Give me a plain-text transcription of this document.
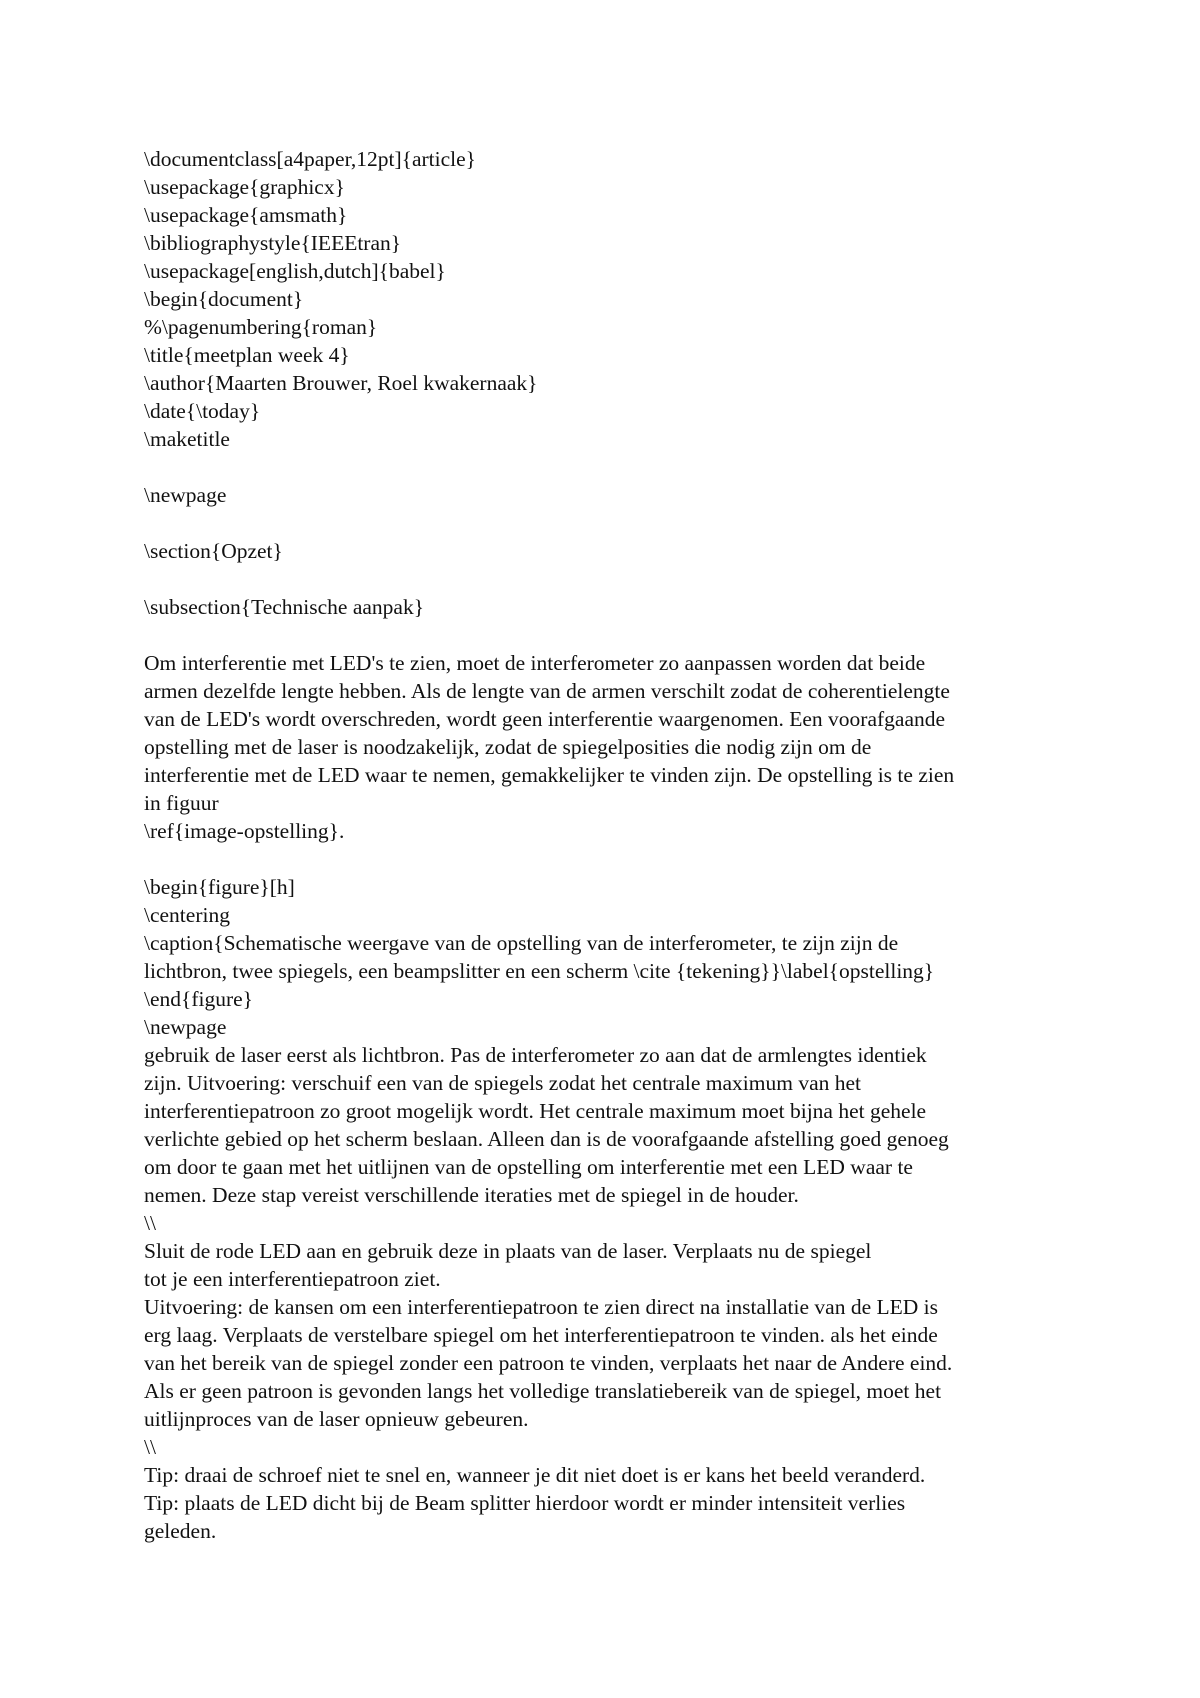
\documentclass[a4paper,12pt]{article}
\usepackage{graphicx}
\usepackage{amsmath}
\bibliographystyle{IEEEtran}
\usepackage[english,dutch]{babel}
\begin{document}
%\pagenumbering{roman}
\title{meetplan week 4}
\author{Maarten Brouwer, Roel kwakernaak}
\date{\today}
\maketitle
\newpage
\section{Opzet}
\subsection{Technische aanpak}
Om interferentie met LED's te zien, moet de interferometer zo aanpassen worden dat beide
armen dezelfde lengte hebben. Als de lengte van de armen verschilt zodat de coherentielengte
van de LED's wordt overschreden, wordt geen interferentie waargenomen. Een voorafgaande
opstelling met de laser is noodzakelijk, zodat de spiegelposities die nodig zijn om de
interferentie met de LED waar te nemen, gemakkelijker te vinden zijn. De opstelling is te zien
in figuur
\ref{image-opstelling}.
\begin{figure}[h]
\centering
\caption{Schematische weergave van de opstelling van de interferometer, te zijn zijn de
lichtbron, twee spiegels, een beampslitter en een scherm \cite {tekening}}\label{opstelling}
\end{figure}
\newpage
gebruik de laser eerst als lichtbron. Pas de interferometer zo aan dat de armlengtes identiek
zijn. Uitvoering: verschuif een van de spiegels zodat het centrale maximum van het
interferentiepatroon zo groot mogelijk wordt. Het centrale maximum moet bijna het gehele
verlichte gebied op het scherm beslaan. Alleen dan is de voorafgaande afstelling goed genoeg
om door te gaan met het uitlijnen van de opstelling om interferentie met een LED waar te
nemen. Deze stap vereist verschillende iteraties met de spiegel in de houder.
\\
Sluit de rode LED aan en gebruik deze in plaats van de laser. Verplaats nu de spiegel
tot je een interferentiepatroon ziet.
Uitvoering: de kansen om een interferentiepatroon te zien direct na installatie van de LED is
erg laag. Verplaats de verstelbare spiegel om het interferentiepatroon te vinden. als het einde
van het bereik van de spiegel zonder een patroon te vinden, verplaats het naar de Andere eind.
Als er geen patroon is gevonden langs het volledige translatiebereik van de spiegel, moet het
uitlijnproces van de laser opnieuw gebeuren.
\\
Tip: draai de schroef niet te snel en, wanneer je dit niet doet is er kans het beeld veranderd.
Tip: plaats de LED dicht bij de Beam splitter hierdoor wordt er minder intensiteit verlies
geleden.
